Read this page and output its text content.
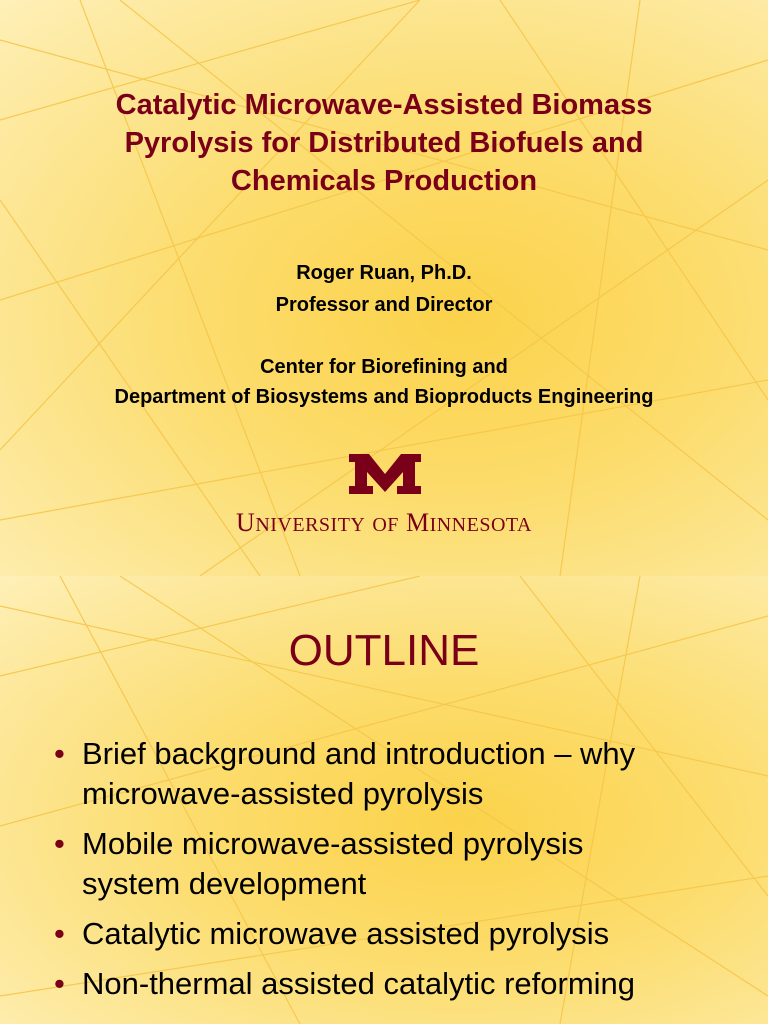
Catalytic Microwave-Assisted Biomass
Pyrolysis for Distributed Biofuels and
Chemicals Production

Roger Ruan, Ph.D.

Professor and Director

Center for Biorefining and

Department of Biosystems and Bioproducts Engineering

UNIVERSITY OF MINNESOTA
OUTLINE
• Brief background and introduction – why
microwave-assisted pyrolysis
• Mobile microwave-assisted pyrolysis
system development
• Catalytic microwave assisted pyrolysis
• Non-thermal assisted catalytic reforming
